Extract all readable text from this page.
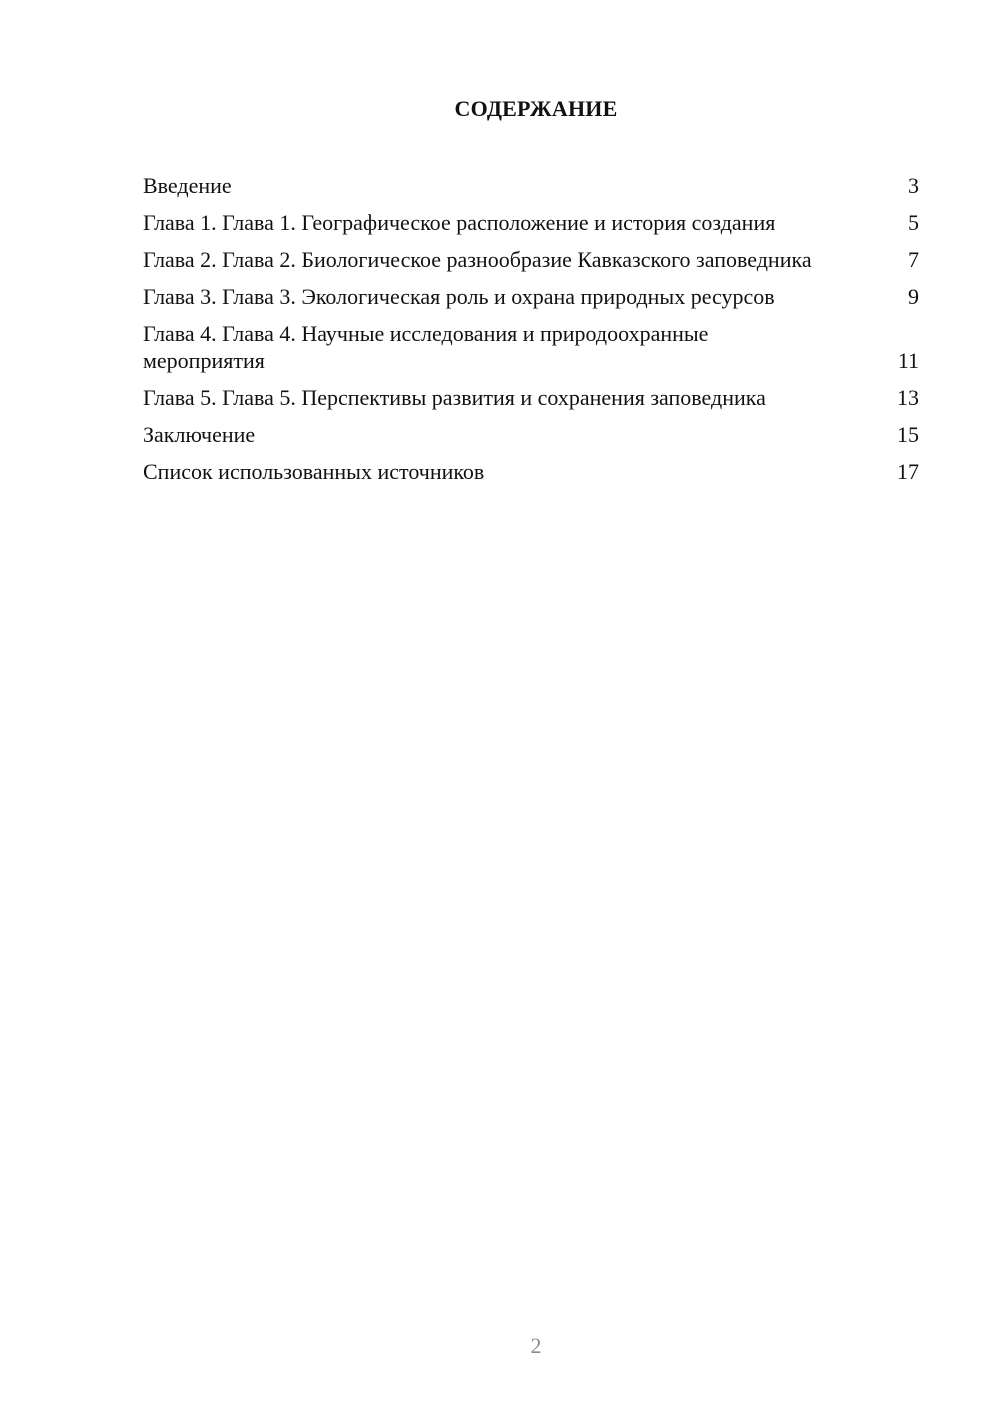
СОДЕРЖАНИЕ
Введение	3
Глава 1. Глава 1. Географическое расположение и история создания	5
Глава 2. Глава 2. Биологическое разнообразие Кавказского заповедника	7
Глава 3. Глава 3. Экологическая роль и охрана природных ресурсов	9
Глава 4. Глава 4. Научные исследования и природоохранные мероприятия	11
Глава 5. Глава 5. Перспективы развития и сохранения заповедника	13
Заключение	15
Список использованных источников	17
2
